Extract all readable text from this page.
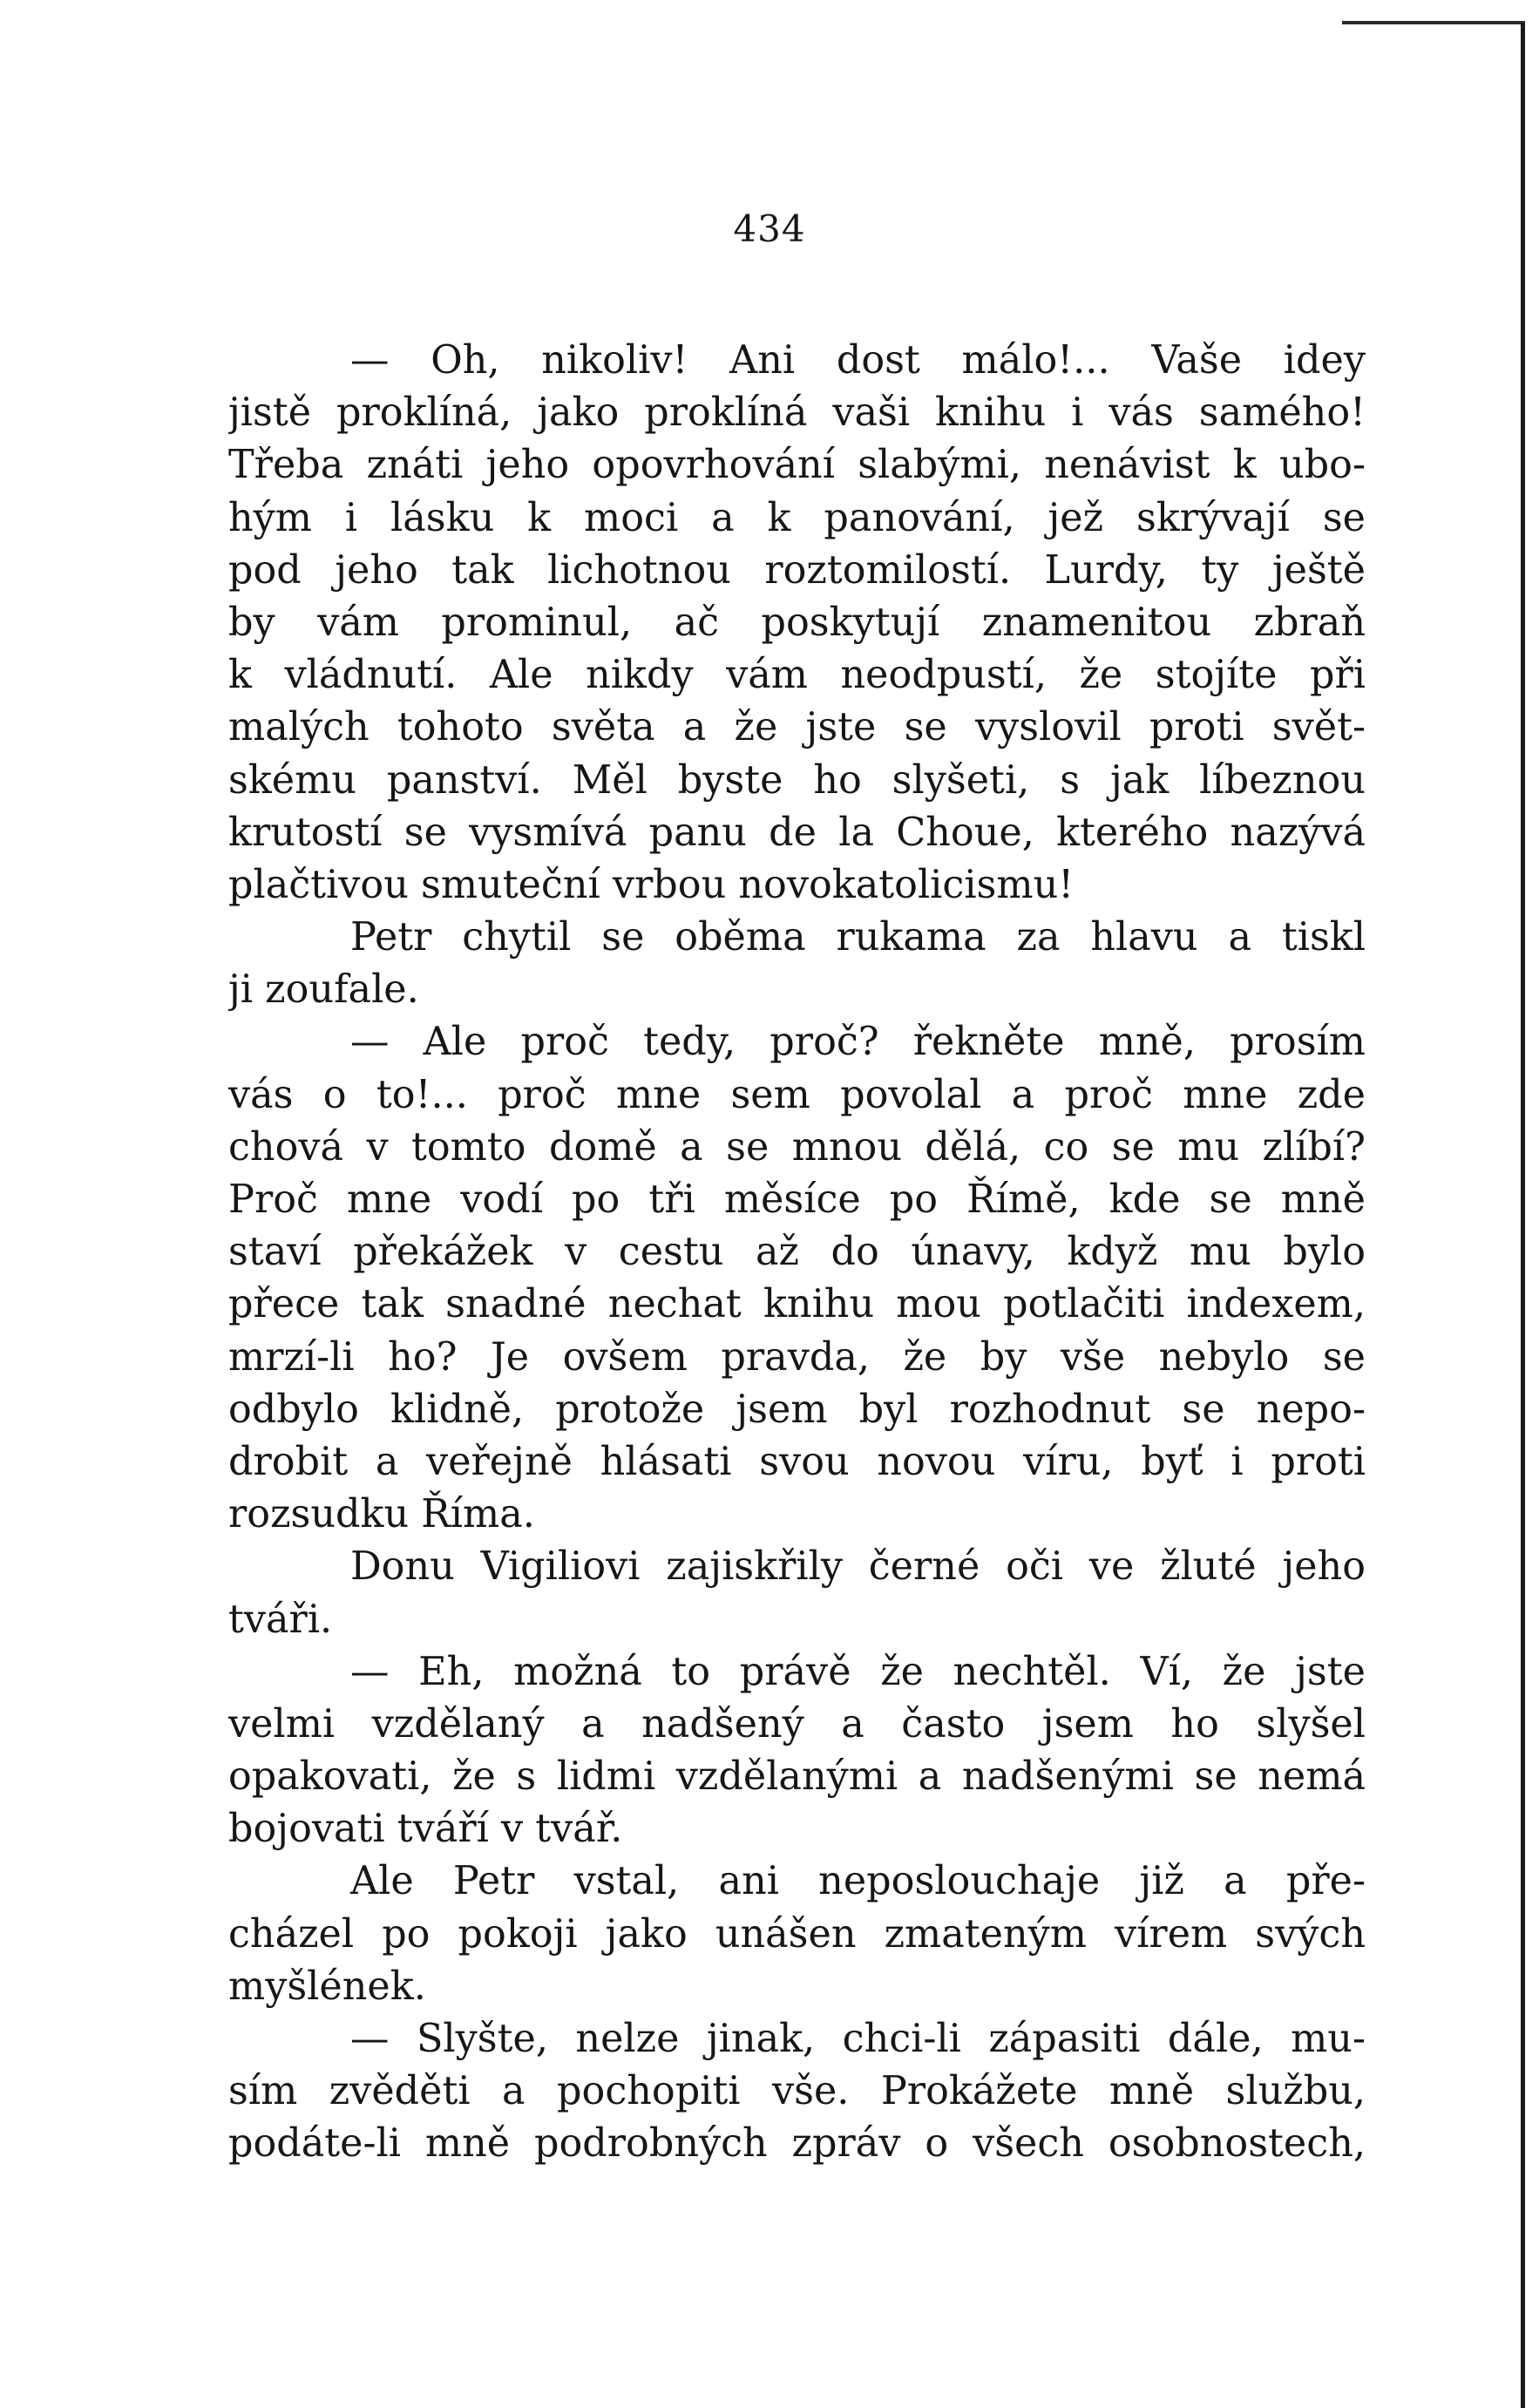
434
— Oh, nikoliv! Ani dost málo!... Vaše idey
jistě proklíná, jako proklíná vaši knihu i vás samého!
Třeba znáti jeho opovrhování slabými, nenávist k ubo-
hým i lásku k moci a k panování, jež skrývají se
pod jeho tak lichotnou roztomilostí. Lurdy, ty ještě
by vám prominul, ač poskytují znamenitou zbraň
k vládnutí. Ale nikdy vám neodpustí, že stojíte při
malých tohoto světa a že jste se vyslovil proti svět-
skému panství. Měl byste ho slyšeti, s jak líbeznou
krutostí se vysmívá panu de la Choue, kterého nazývá
plačtivou smuteční vrbou novokatolicismu!
Petr chytil se oběma rukama za hlavu a tiskl
ji zoufale.
— Ale proč tedy, proč? řekněte mně, prosím
vás o to!... proč mne sem povolal a proč mne zde
chová v tomto domě a se mnou dělá, co se mu zlíbí?
Proč mne vodí po tři měsíce po Římě, kde se mně
staví překážek v cestu až do únavy, když mu bylo
přece tak snadné nechat knihu mou potlačiti indexem,
mrzí-li ho? Je ovšem pravda, že by vše nebylo se
odbylo klidně, protože jsem byl rozhodnut se nepo-
drobit a veřejně hlásati svou novou víru, byť i proti
rozsudku Říma.
Donu Vigiliovi zajiskřily černé oči ve žluté jeho
tváři.
— Eh, možná to právě že nechtěl. Ví, že jste
velmi vzdělaný a nadšený a často jsem ho slyšel
opakovati, že s lidmi vzdělanými a nadšenými se nemá
bojovati tváří v tvář.
Ale Petr vstal, ani neposlouchaje již a pře-
cházel po pokoji jako unášen zmateným vírem svých
myšlének.
— Slyšte, nelze jinak, chci-li zápasiti dále, mu-
sím zvěděti a pochopiti vše. Prokážete mně službu,
podáte-li mně podrobných zpráv o všech osobnostech,
